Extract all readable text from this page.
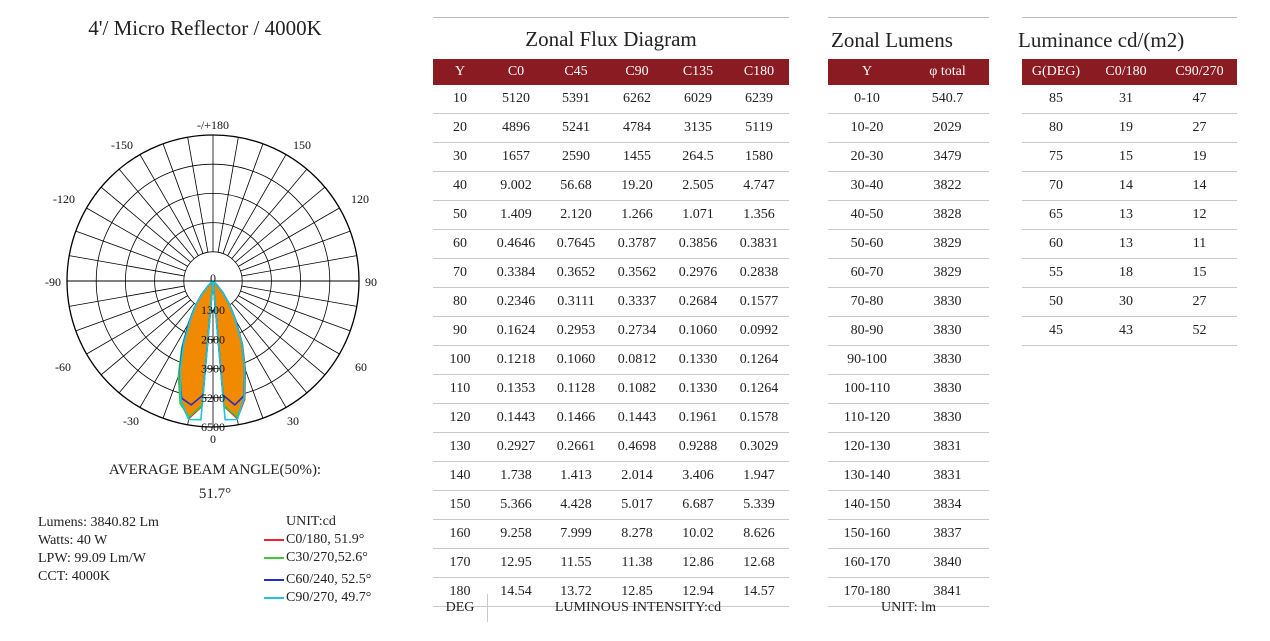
4'/ Micro Reflector / 4000K
1300
2600
3900
5200
6500
0
-/+180
0
-150	150
-120	120
-90	90
-60	60
-30	30
AVERAGE BEAM ANGLE(50%):
51.7°
Lumens: 3840.82 Lm
Watts: 40 W
LPW: 99.09 Lm/W
CCT: 4000K
UNIT:cd
C0/180, 51.9°
C30/270,52.6°
C60/240, 52.5°
C90/270, 49.7°
Zonal Flux Diagram
Y	C0	C45	C90	C135	C180
10	5120	5391	6262	6029	6239
20	4896	5241	4784	3135	5119
30	1657	2590	1455	264.5	1580
40	9.002	56.68	19.20	2.505	4.747
50	1.409	2.120	1.266	1.071	1.356
60	0.4646	0.7645	0.3787	0.3856	0.3831
70	0.3384	0.3652	0.3562	0.2976	0.2838
80	0.2346	0.3111	0.3337	0.2684	0.1577
90	0.1624	0.2953	0.2734	0.1060	0.0992
100	0.1218	0.1060	0.0812	0.1330	0.1264
110	0.1353	0.1128	0.1082	0.1330	0.1264
120	0.1443	0.1466	0.1443	0.1961	0.1578
130	0.2927	0.2661	0.4698	0.9288	0.3029
140	1.738	1.413	2.014	3.406	1.947
150	5.366	4.428	5.017	6.687	5.339
160	9.258	7.999	8.278	10.02	8.626
170	12.95	11.55	11.38	12.86	12.68
180	14.54	13.72	12.85	12.94	14.57
DEG	LUMINOUS INTENSITY:cd
Zonal Lumens
Y	φ total
0-10	540.7
10-20	2029
20-30	3479
30-40	3822
40-50	3828
50-60	3829
60-70	3829
70-80	3830
80-90	3830
90-100	3830
100-110	3830
110-120	3830
120-130	3831
130-140	3831
140-150	3834
150-160	3837
160-170	3840
170-180	3841
UNIT: lm
Luminance cd/(m2)
G(DEG)	C0/180	C90/270
85	31	47
80	19	27
75	15	19
70	14	14
65	13	12
60	13	11
55	18	15
50	30	27
45	43	52
